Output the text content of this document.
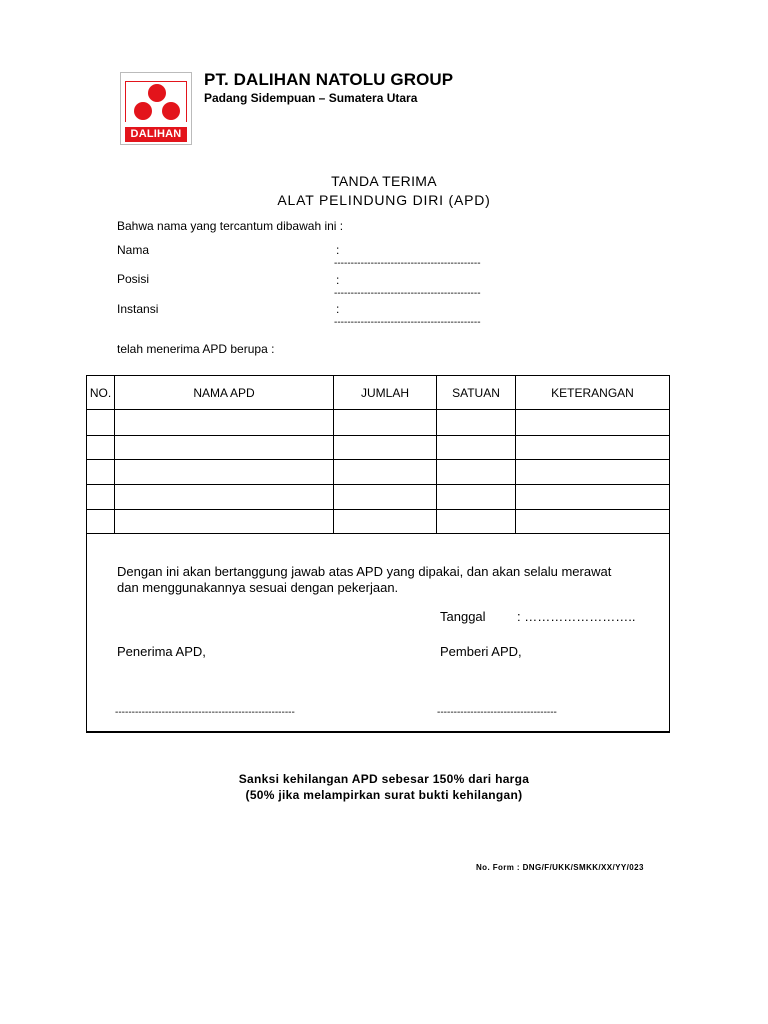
DALIHAN
PT. DALIHAN NATOLU GROUP
Padang Sidempuan – Sumatera Utara
TANDA TERIMA
ALAT PELINDUNG DIRI (APD)
Bahwa nama yang tercantum dibawah ini :
Nama	:
--------------------------------------------
Posisi	:
--------------------------------------------
Instansi	:
--------------------------------------------
telah menerima APD berupa :
NO.	NAMA APD	JUMLAH	SATUAN	KETERANGAN
Dengan ini akan bertanggung jawab atas APD yang dipakai, dan akan selalu merawat
dan menggunakannya sesuai dengan pekerjaan.
Tanggal : ……………………..
Penerima APD,	Pemberi APD,
------------------------------------------------------	------------------------------------
Sanksi kehilangan APD sebesar 150% dari harga
(50% jika melampirkan surat bukti kehilangan)
No. Form : DNG/F/UKK/SMKK/XX/YY/023
